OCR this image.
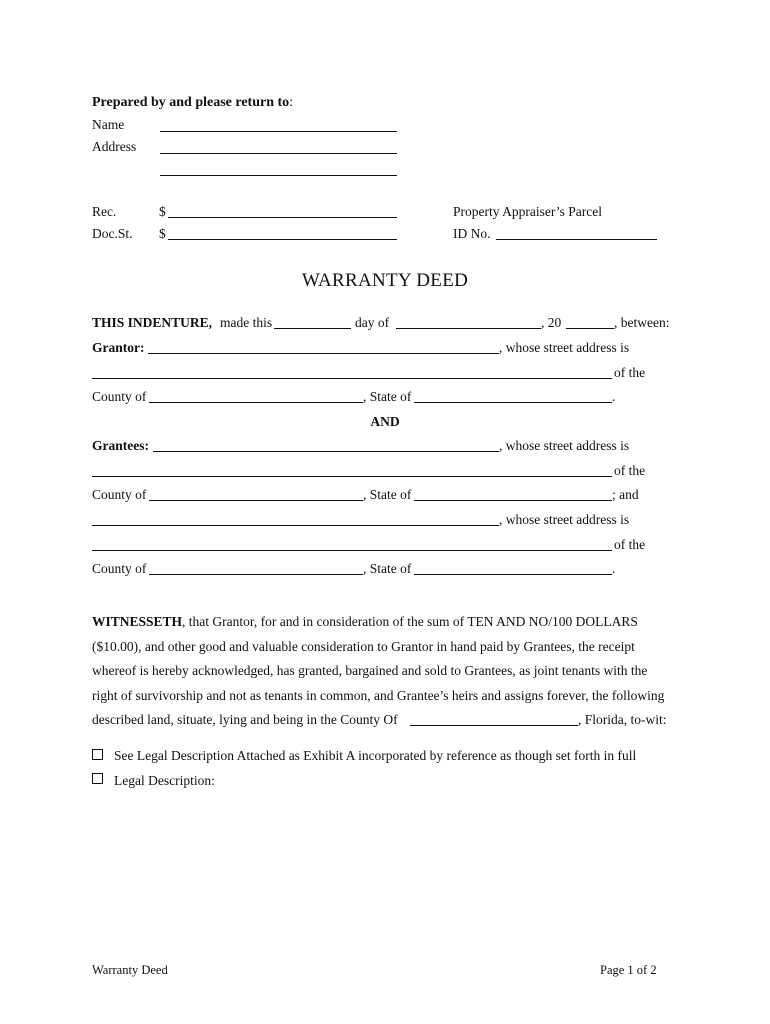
Prepared by and please return to:
Name
Address
Rec.	$
Doc.St. $
Property Appraiser’s Parcel
ID No.
WARRANTY DEED
THIS INDENTURE, made this	day of	, 20	, between:
Grantor:	, whose street address is
of the
County of	, State of	.
AND
Grantees:	, whose street address is
of the
County of	, State of	; and
, whose street address is
of the
County of	, State of	.
WITNESSETH, that Grantor, for and in consideration of the sum of TEN AND NO/100 DOLLARS
($10.00), and other good and valuable consideration to Grantor in hand paid by Grantees, the receipt
whereof is hereby acknowledged, has granted, bargained and sold to Grantees, as joint tenants with the
right of survivorship and not as tenants in common, and Grantee’s heirs and assigns forever, the following
described land, situate, lying and being in the County Of	, Florida, to-wit:
See Legal Description Attached as Exhibit A incorporated by reference as though set forth in full
Legal Description:
Warranty Deed	Page 1 of 2
